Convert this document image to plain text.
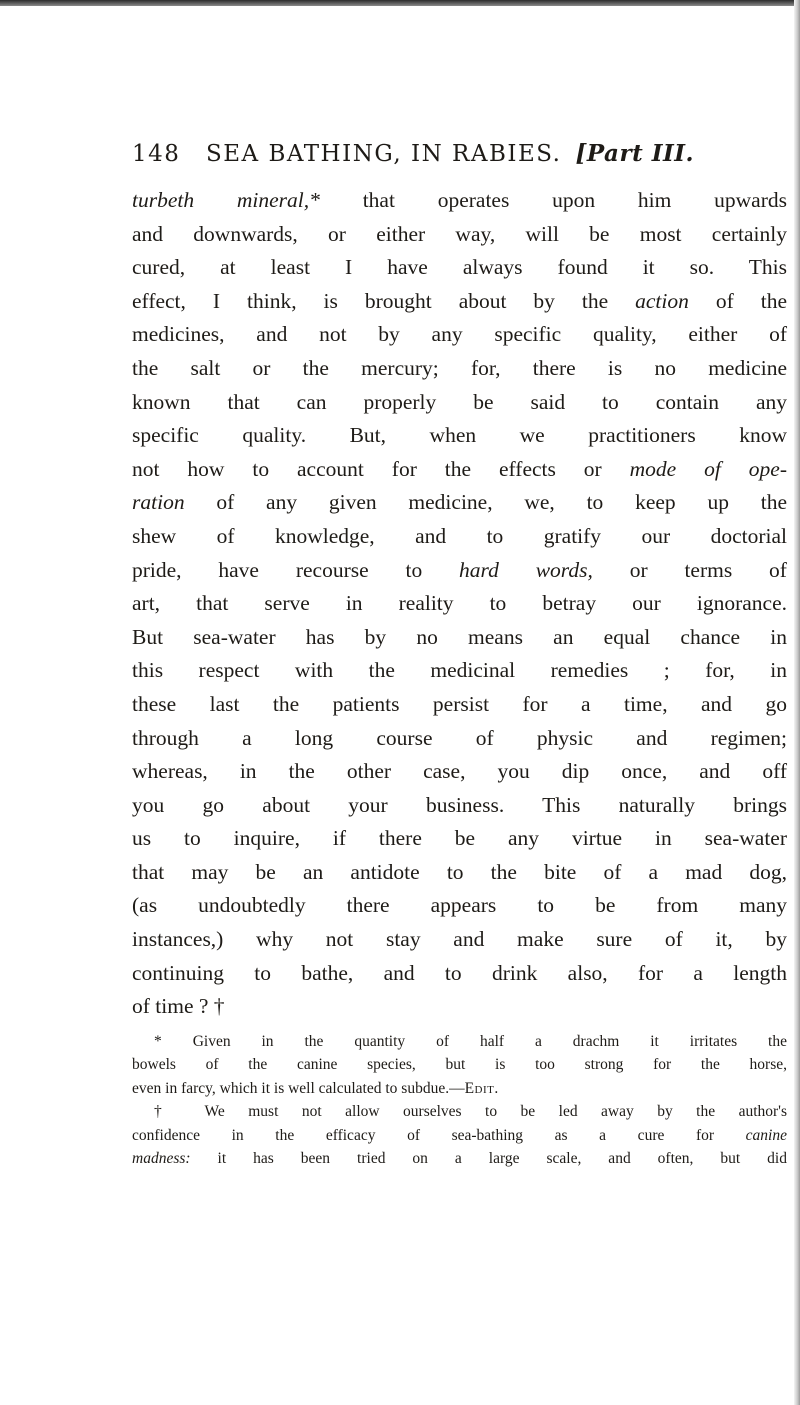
148	SEA BATHING, IN RABIES. [Part III.
turbeth mineral,* that operates upon him upwards
and downwards, or either way, will be most certainly
cured, at least I have always found it so. This
effect, I think, is brought about by the action of the
medicines, and not by any specific quality, either of
the salt or the mercury; for, there is no medicine
known that can properly be said to contain any
specific quality. But, when we practitioners know
not how to account for the effects or mode of ope-
ration of any given medicine, we, to keep up the
shew of knowledge, and to gratify our doctorial
pride, have recourse to hard words, or terms of
art, that serve in reality to betray our ignorance.
But sea-water has by no means an equal chance in
this respect with the medicinal remedies ; for, in
these last the patients persist for a time, and go
through a long course of physic and regimen;
whereas, in the other case, you dip once, and off
you go about your business. This naturally brings
us to inquire, if there be any virtue in sea-water
that may be an antidote to the bite of a mad dog,
(as undoubtedly there appears to be from many
instances,) why not stay and make sure of it, by
continuing to bathe, and to drink also, for a length
of time ? †
* Given in the quantity of half a drachm it irritates the
bowels of the canine species, but is too strong for the horse,
even in farcy, which it is well calculated to subdue.—Edit.
† We must not allow ourselves to be led away by the author's
confidence in the efficacy of sea-bathing as a cure for canine
madness: it has been tried on a large scale, and often, but did
